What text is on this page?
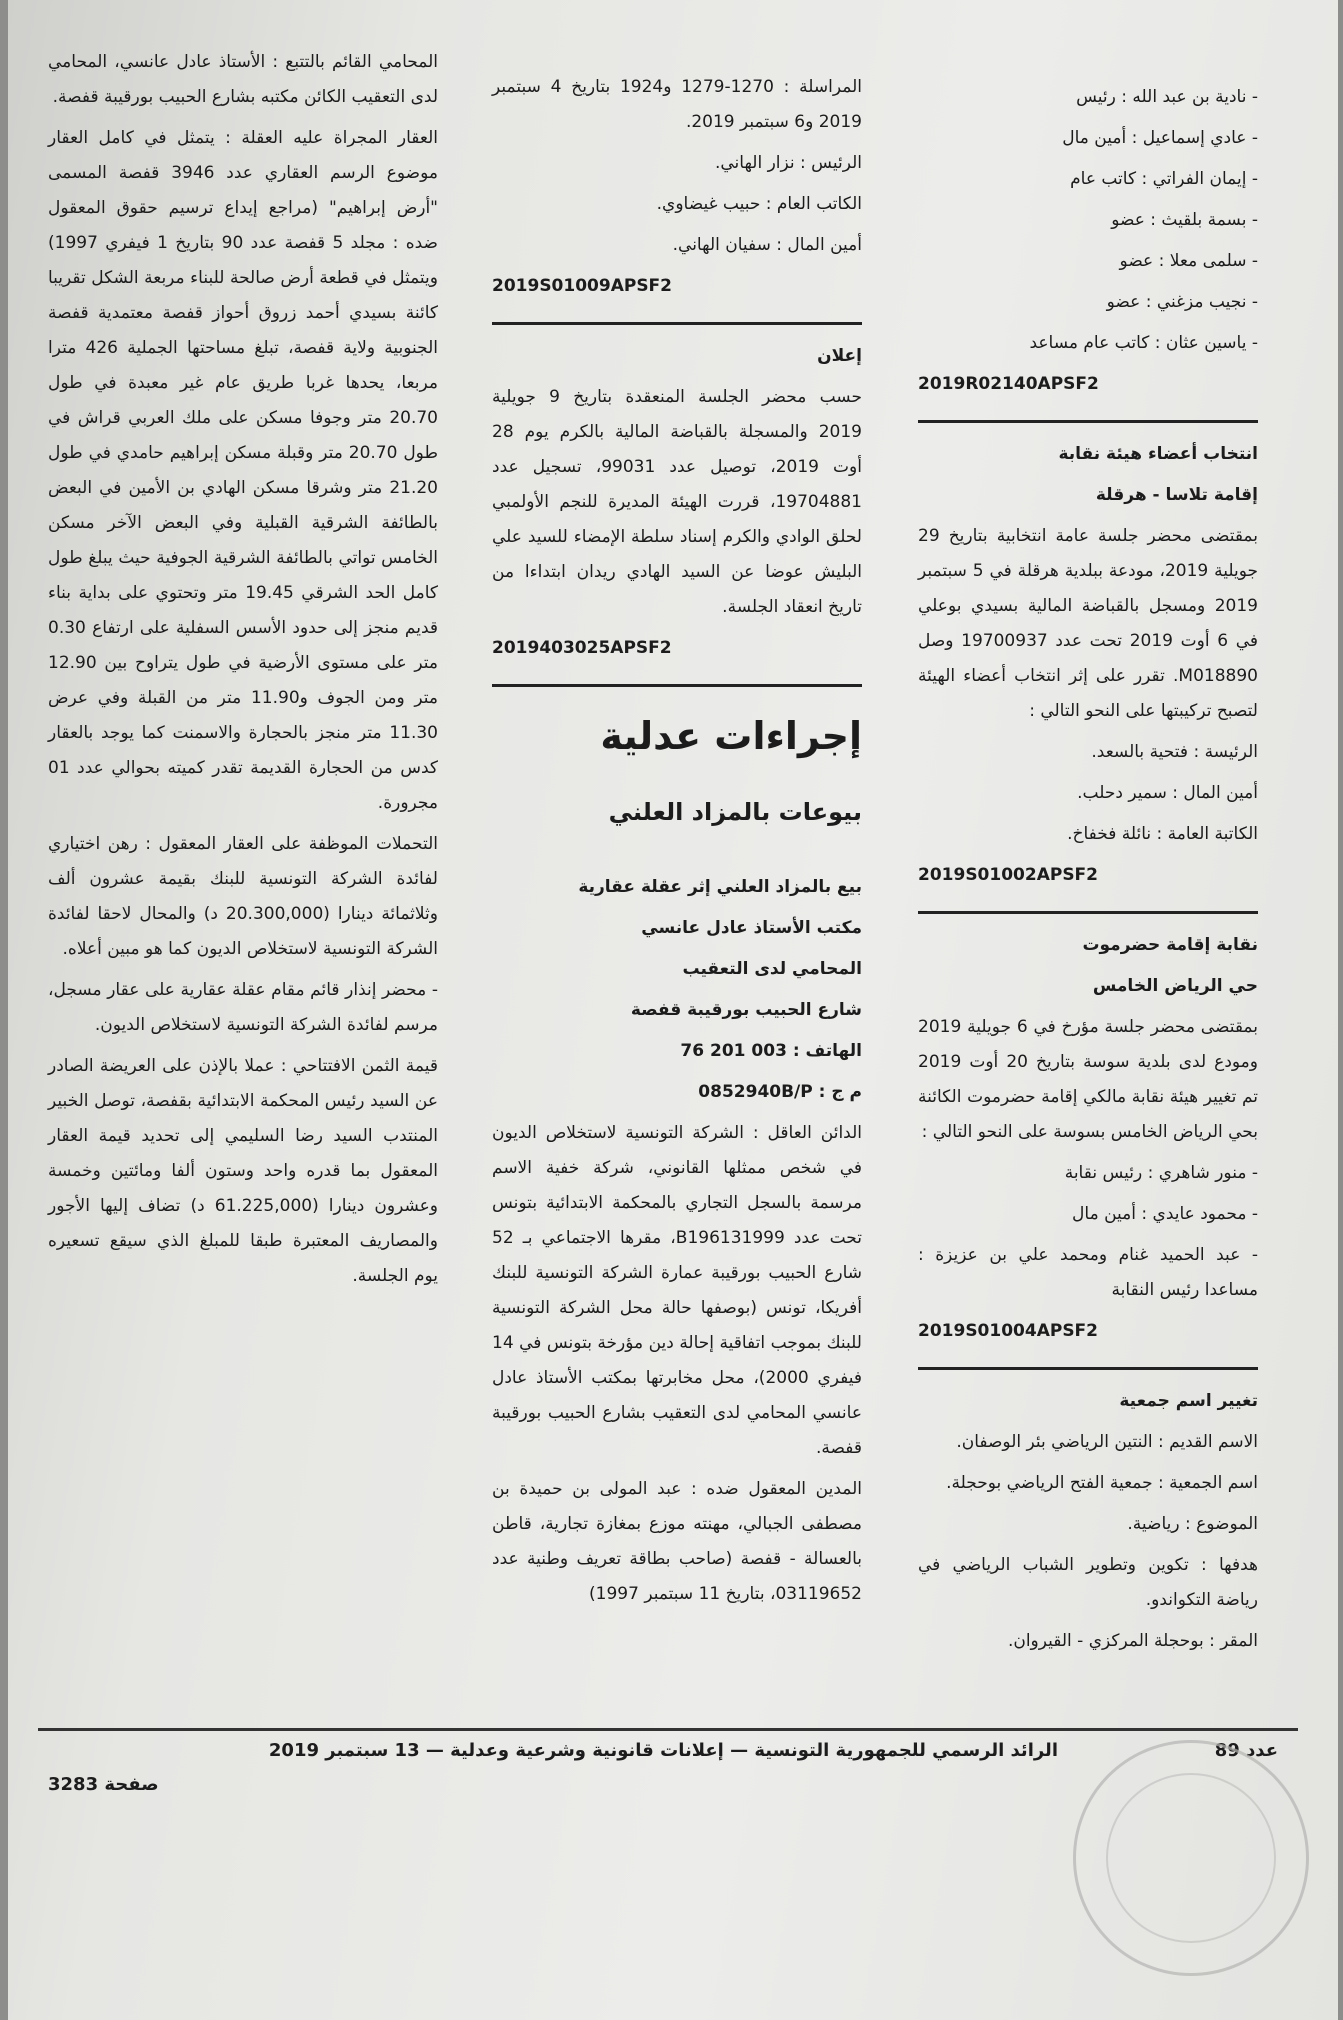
- نادية بن عبد الله : رئيس

- عادي إسماعيل : أمين مال

- إيمان الفراتي : كاتب عام

- بسمة بلقيث : عضو

- سلمى معلا : عضو

- نجيب مزغني : عضو

- ياسين عثان : كاتب عام مساعد

2019R02140APSF2

انتخاب أعضاء هيئة نقابة

إقامة تلاسا - هرقلة

بمقتضى محضر جلسة عامة انتخابية بتاريخ 29 جويلية 2019، مودعة ببلدية هرقلة في 5 سبتمبر 2019 ومسجل بالقباضة المالية بسيدي بوعلي في 6 أوت 2019 تحت عدد 19700937 وصل M018890. تقرر على إثر انتخاب أعضاء الهيئة لتصبح تركيبتها على النحو التالي :

الرئيسة : فتحية بالسعد.

أمين المال : سمير دحلب.

الكاتبة العامة : نائلة فخفاخ.

2019S01002APSF2

نقابة إقامة حضرموت

حي الرياض الخامس

بمقتضى محضر جلسة مؤرخ في 6 جويلية 2019 ومودع لدى بلدية سوسة بتاريخ 20 أوت 2019 تم تغيير هيئة نقابة مالكي إقامة حضرموت الكائنة بحي الرياض الخامس بسوسة على النحو التالي :

- منور شاهري : رئيس نقابة

- محمود عايدي : أمين مال

- عبد الحميد غنام ومحمد علي بن عزيزة : مساعدا رئيس النقابة

2019S01004APSF2

تغيير اسم جمعية

الاسم القديم : النتين الرياضي بئر الوصفان.

اسم الجمعية : جمعية الفتح الرياضي بوحجلة.

الموضوع : رياضية.

هدفها : تكوين وتطوير الشباب الرياضي في رياضة التكواندو.

المقر : بوحجلة المركزي - القيروان.

المراسلة : 1270-1279 و1924 بتاريخ 4 سبتمبر 2019 و6 سبتمبر 2019.

الرئيس : نزار الهاني.

الكاتب العام : حبيب غيضاوي.

أمين المال : سفيان الهاني.

2019S01009APSF2

إعلان

حسب محضر الجلسة المنعقدة بتاريخ 9 جويلية 2019 والمسجلة بالقباضة المالية بالكرم يوم 28 أوت 2019، توصيل عدد 99031، تسجيل عدد 19704881، قررت الهيئة المديرة للنجم الأولمبي لحلق الوادي والكرم إسناد سلطة الإمضاء للسيد علي البليش عوضا عن السيد الهادي ريدان ابتداءا من تاريخ انعقاد الجلسة.

2019403025APSF2
إجراءات عدلية
بيوعات بالمزاد العلني

بيع بالمزاد العلني إثر عقلة عقارية

مكتب الأستاذ عادل عانسي

المحامي لدى التعقيب

شارع الحبيب بورقيبة قفصة

الهاتف : 003 201 76

م ج : 0852940B/P

الدائن العاقل : الشركة التونسية لاستخلاص الديون في شخص ممثلها القانوني، شركة خفية الاسم مرسمة بالسجل التجاري بالمحكمة الابتدائية بتونس تحت عدد B196131999، مقرها الاجتماعي بـ 52 شارع الحبيب بورقيبة عمارة الشركة التونسية للبنك أفريكا، تونس (بوصفها حالة محل الشركة التونسية للبنك بموجب اتفاقية إحالة دين مؤرخة بتونس في 14 فيفري 2000)، محل مخابرتها بمكتب الأستاذ عادل عانسي المحامي لدى التعقيب بشارع الحبيب بورقيبة قفصة.

المدين المعقول ضده : عبد المولى بن حميدة بن مصطفى الجبالي، مهنته موزع بمغازة تجارية، قاطن بالعسالة - قفصة (صاحب بطاقة تعريف وطنية عدد 03119652، بتاريخ 11 سبتمبر 1997)

المحامي القائم بالتتبع : الأستاذ عادل عانسي، المحامي لدى التعقيب الكائن مكتبه بشارع الحبيب بورقيبة قفصة.

العقار المجراة عليه العقلة : يتمثل في كامل العقار موضوع الرسم العقاري عدد 3946 قفصة المسمى "أرض إبراهيم" (مراجع إيداع ترسيم حقوق المعقول ضده : مجلد 5 قفصة عدد 90 بتاريخ 1 فيفري 1997) ويتمثل في قطعة أرض صالحة للبناء مربعة الشكل تقريبا كائنة بسيدي أحمد زروق أحواز قفصة معتمدية قفصة الجنوبية ولاية قفصة، تبلغ مساحتها الجملية 426 مترا مربعا، يحدها غربا طريق عام غير معبدة في طول 20.70 متر وجوفا مسكن على ملك العربي قراش في طول 20.70 متر وقبلة مسكن إبراهيم حامدي في طول 21.20 متر وشرقا مسكن الهادي بن الأمين في البعض بالطائفة الشرقية القبلية وفي البعض الآخر مسكن الخامس تواتي بالطائفة الشرقية الجوفية حيث يبلغ طول كامل الحد الشرقي 19.45 متر وتحتوي على بداية بناء قديم منجز إلى حدود الأسس السفلية على ارتفاع 0.30 متر على مستوى الأرضية في طول يتراوح بين 12.90 متر ومن الجوف و11.90 متر من القبلة وفي عرض 11.30 متر منجز بالحجارة والاسمنت كما يوجد بالعقار كدس من الحجارة القديمة تقدر كميته بحوالي عدد 01 مجرورة.

التحملات الموظفة على العقار المعقول : رهن اختياري لفائدة الشركة التونسية للبنك بقيمة عشرون ألف وثلاثمائة دينارا (20.300,000 د) والمحال لاحقا لفائدة الشركة التونسية لاستخلاص الديون كما هو مبين أعلاه.

- محضر إنذار قائم مقام عقلة عقارية على عقار مسجل، مرسم لفائدة الشركة التونسية لاستخلاص الديون.

قيمة الثمن الافتتاحي : عملا بالإذن على العريضة الصادر عن السيد رئيس المحكمة الابتدائية بقفصة، توصل الخبير المنتدب السيد رضا السليمي إلى تحديد قيمة العقار المعقول بما قدره واحد وستون ألفا ومائتين وخمسة وعشرون دينارا (61.225,000 د) تضاف إليها الأجور والمصاريف المعتبرة طبقا للمبلغ الذي سيقع تسعيره يوم الجلسة.

عدد 89
الرائد الرسمي للجمهورية التونسية — إعلانات قانونية وشرعية وعدلية — 13 سبتمبر 2019
صفحة 3283
